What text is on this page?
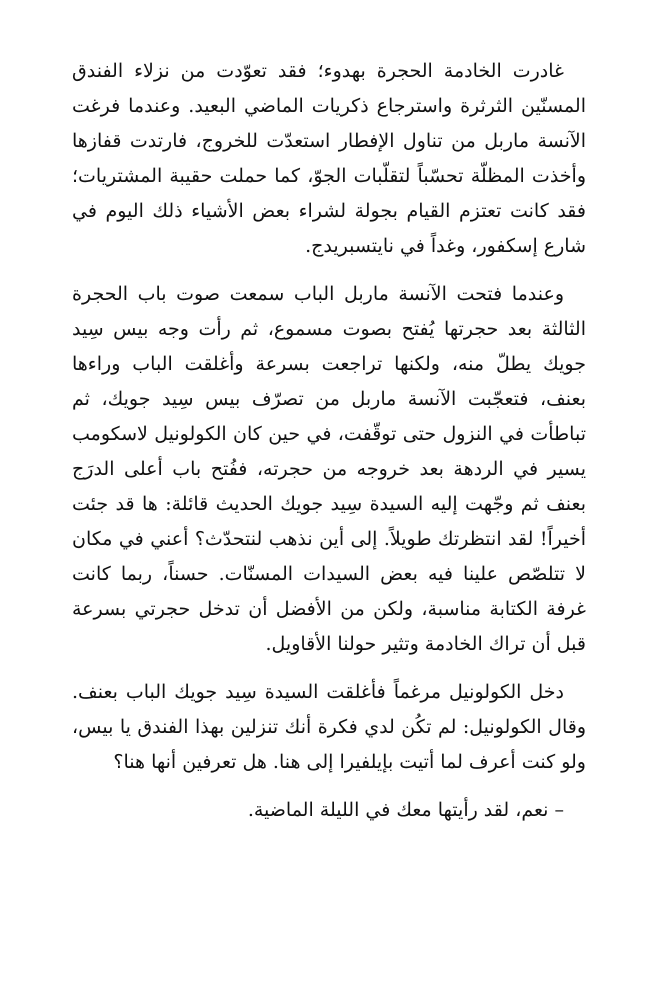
غادرت الخادمة الحجرة بهدوء؛ فقد تعوّدت من نزلاء الفندق المسنّين الثرثرة واسترجاع ذكريات الماضي البعيد. وعندما فرغت الآنسة ماربل من تناول الإفطار استعدّت للخروج، فارتدت قفازها وأخذت المظلّة تحسّباً لتقلّبات الجوّ، كما حملت حقيبة المشتريات؛ فقد كانت تعتزم القيام بجولة لشراء بعض الأشياء ذلك اليوم في شارع إسكفور، وغداً في نايتسبريدج.

وعندما فتحت الآنسة ماربل الباب سمعت صوت باب الحجرة الثالثة بعد حجرتها يُفتح بصوت مسموع، ثم رأت وجه بيس سِيد جويك يطلّ منه، ولكنها تراجعت بسرعة وأغلقت الباب وراءها بعنف، فتعجّبت الآنسة ماربل من تصرّف بيس سِيد جويك، ثم تباطأت في النزول حتى توقّفت، في حين كان الكولونيل لاسكومب يسير في الردهة بعد خروجه من حجرته، ففُتح باب أعلى الدرَج بعنف ثم وجّهت إليه السيدة سِيد جويك الحديث قائلة: ها قد جئت أخيراً! لقد انتظرتك طويلاً. إلى أين نذهب لنتحدّث؟ أعني في مكان لا تتلصّص علينا فيه بعض السيدات المسنّات. حسناً، ربما كانت غرفة الكتابة مناسبة، ولكن من الأفضل أن تدخل حجرتي بسرعة قبل أن تراك الخادمة وتثير حولنا الأقاويل.

دخل الكولونيل مرغماً فأغلقت السيدة سِيد جويك الباب بعنف. وقال الكولونيل: لم تكُن لدي فكرة أنك تنزلين بهذا الفندق يا بيس، ولو كنت أعرف لما أتيت بإيلفيرا إلى هنا. هل تعرفين أنها هنا؟

– نعم، لقد رأيتها معك في الليلة الماضية.
